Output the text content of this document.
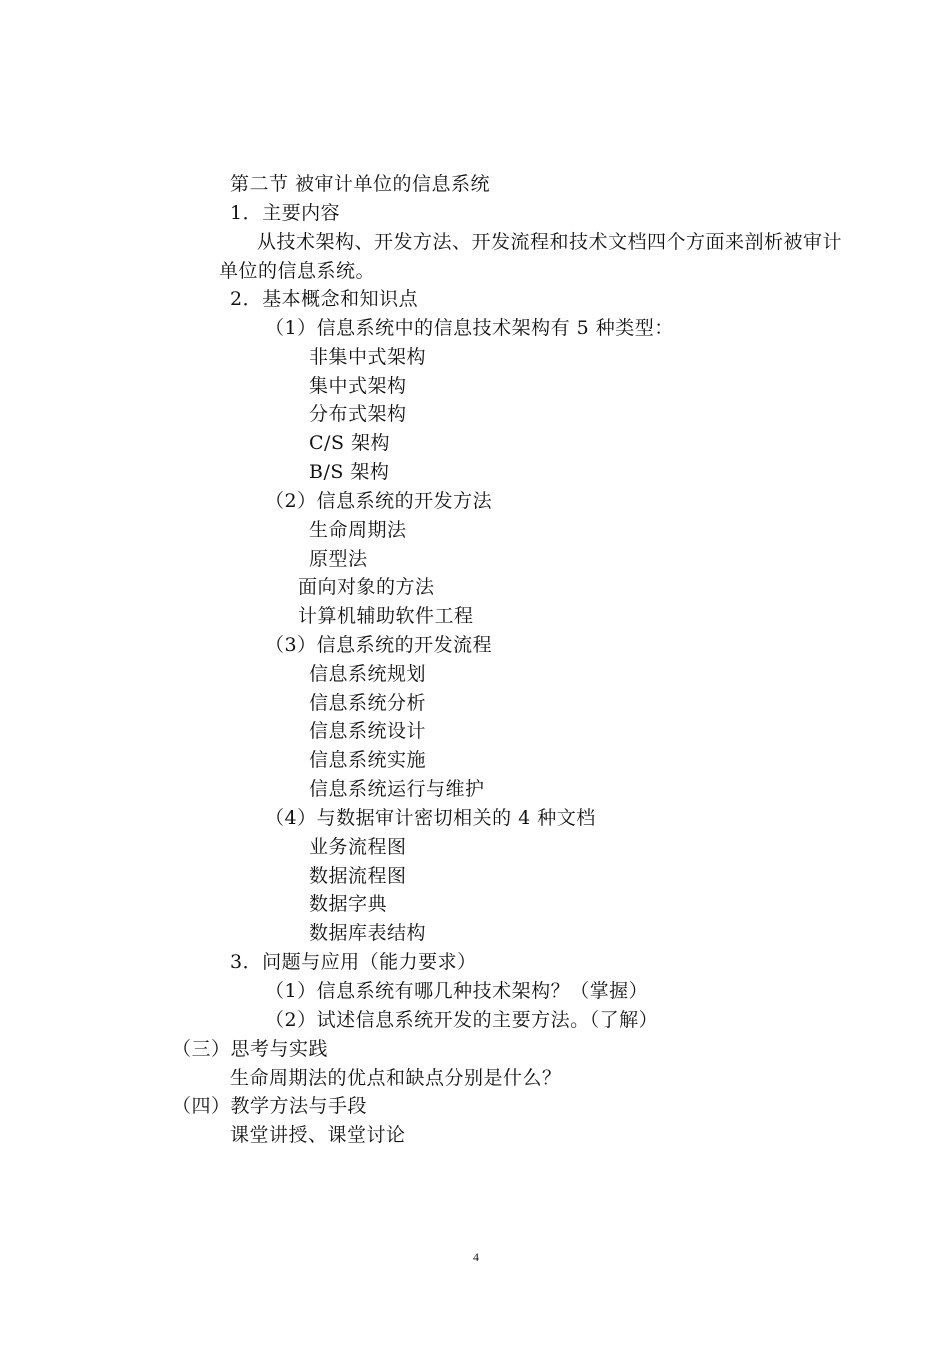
第二节 被审计单位的信息系统
1．主要内容
从技术架构、开发方法、开发流程和技术文档四个方面来剖析被审计
单位的信息系统。
2．基本概念和知识点
（1）信息系统中的信息技术架构有 5 种类型：
非集中式架构
集中式架构
分布式架构
C/S 架构
B/S 架构
（2）信息系统的开发方法
生命周期法
原型法
面向对象的方法
计算机辅助软件工程
（3）信息系统的开发流程
信息系统规划
信息系统分析
信息系统设计
信息系统实施
信息系统运行与维护
（4）与数据审计密切相关的 4 种文档
业务流程图
数据流程图
数据字典
数据库表结构
3．问题与应用（能力要求）
（1）信息系统有哪几种技术架构？（掌握）
（2）试述信息系统开发的主要方法。（了解）
（三）思考与实践
生命周期法的优点和缺点分别是什么？
（四）教学方法与手段
课堂讲授、课堂讨论
4
